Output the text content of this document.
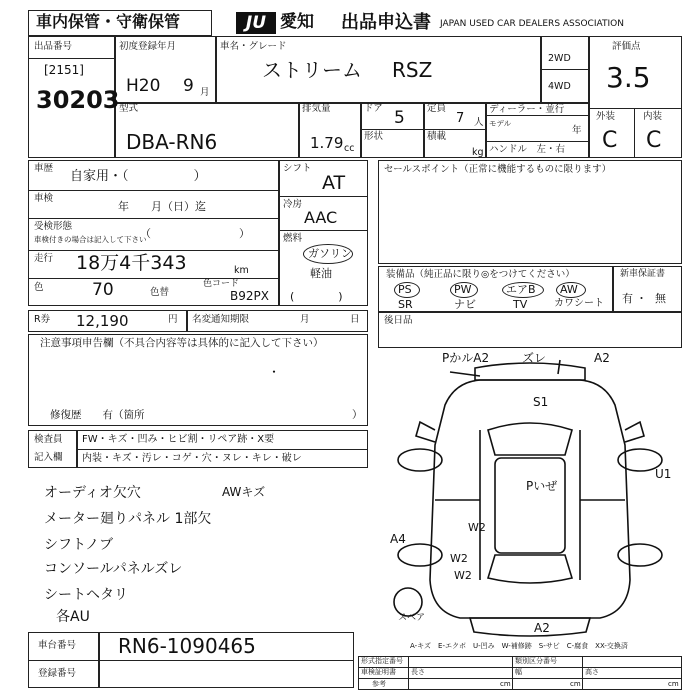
車内保管・守衛保管	JU 愛知 出品申込書 JAPAN USED CAR DEALERS ASSOCIATION
出品番号
[2151]
30203
初度登録年月
H20 9 月
車名・グレード
ストリーム RSZ	2WD
4WD
評価点
3.5
外装	内装
C C
型式
DBA-RN6
排気量
1.79 cc
ドア 5
形状
定員
7 人
積載
kg
ディーラー・並行
モデル
年
ハンドル　左・右
車歴
自家用・（　　　　　）
車検
年　　月（日）迄
受検形態
車検付きの場合は記入して下さい
（　　　　　　　　）
走行 18万4千343	km
色	70	色替
色コード
B92PX
シフト
AT
冷房
AAC
燃料
ガソリン
軽油
(　　　　)
セールスポイント（正常に機能するものに限ります）
装備品（純正品に限り◎をつけてください）
PS	PW	エアB AW
SR	ナビ	TV	カワシート
新車保証書
有 ・ 無
R券 12,190	円 名変通知期限	月	日	後日品
注意事項申告欄（不具合内容等は具体的に記入して下さい）
・
修復歴　　有（箇所	）
検査員
記入欄
FW・キズ・凹み・ヒビ割・リペア跡・X要
内装・キズ・汚レ・コゲ・穴・ヌレ・キレ・破レ
オーディオ欠穴	AWキズ
メーター廻りパネル 1部欠
シフトノブ
コンソールパネルズレ
シートヘタリ
各AU
PかルA2	ズレ	A2
S1
Pいぜ
U1
A4
W2
W2
W2
A2
スペア
A-キズ　E-エクボ　U-凹み　W-補修跡　S-サビ　C-腐食　XX-交換済
車台番号 RN6-1090465
登録番号
形式指定番号	類別区分番号
車検証明書 長さ	幅	高さ
参考	cm	cm	cm
